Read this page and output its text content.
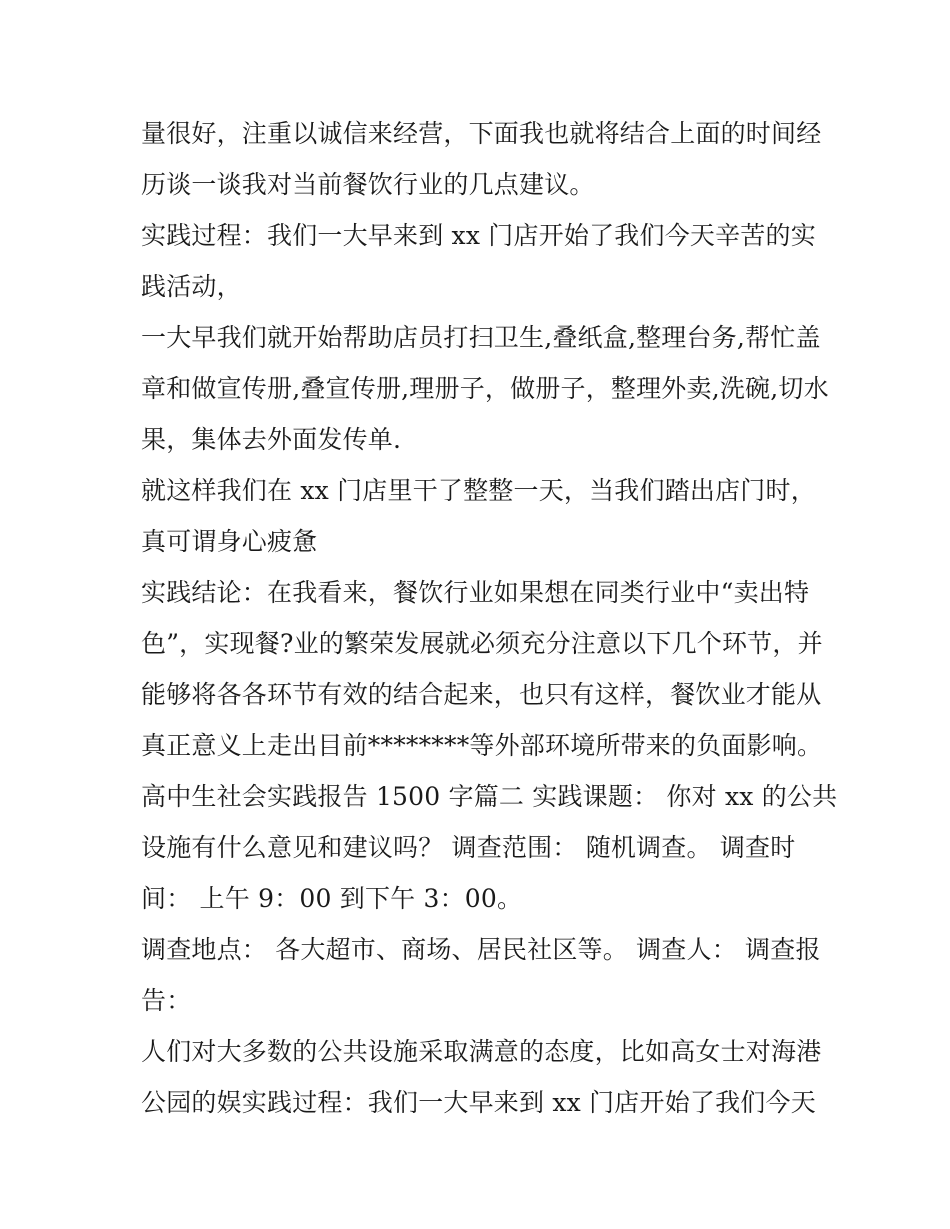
量很好，注重以诚信来经营，下面我也就将结合上面的时间经
历谈一谈我对当前餐饮行业的几点建议。
实践过程：我们一大早来到 xx 门店开始了我们今天辛苦的实
践活动，
一大早我们就开始帮助店员打扫卫生,叠纸盒,整理台务,帮忙盖
章和做宣传册,叠宣传册,理册子，做册子，整理外卖,洗碗,切水
果，集体去外面发传单.
就这样我们在 xx 门店里干了整整一天，当我们踏出店门时，
真可谓身心疲惫
实践结论：在我看来，餐饮行业如果想在同类行业中“卖出特
色”，实现餐?业的繁荣发展就必须充分注意以下几个环节，并
能够将各各环节有效的结合起来，也只有这样，餐饮业才能从
真正意义上走出目前********等外部环境所带来的负面影响。
高中生社会实践报告 1500 字篇二 实践课题： 你对 xx 的公共
设施有什么意见和建议吗？ 调查范围： 随机调查。 调查时
间： 上午 9：00 到下午 3：00。
调查地点： 各大超市、商场、居民社区等。 调查人： 调查报
告：
人们对大多数的公共设施采取满意的态度，比如高女士对海港
公园的娱实践过程：我们一大早来到 xx 门店开始了我们今天
